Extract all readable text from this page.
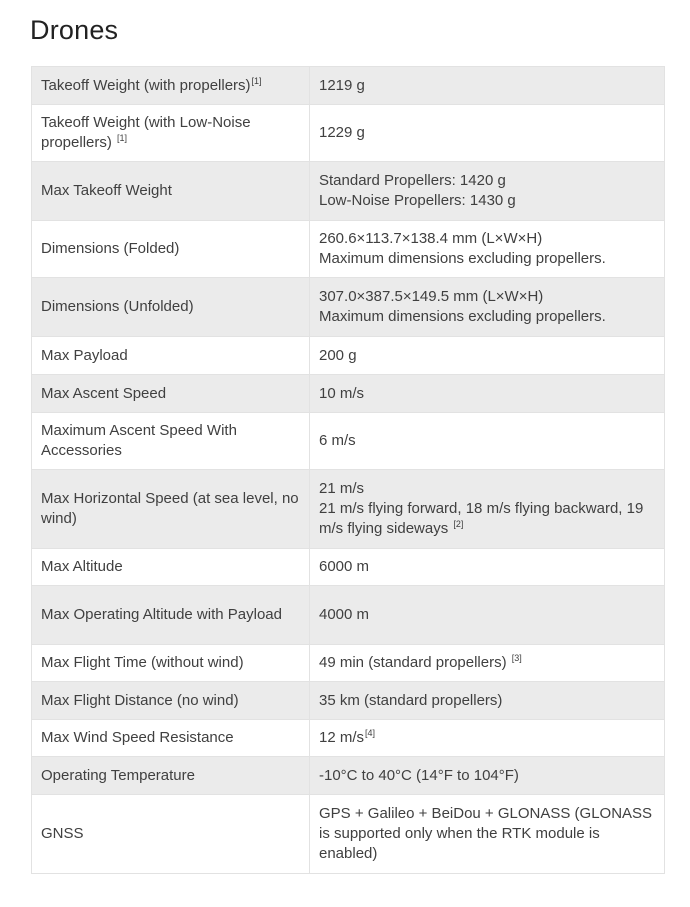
Drones
Takeoff Weight (with propellers)[1]	1219 g

Takeoff Weight (with Low-Noise propellers) [1]	1229 g

Max Takeoff Weight	Standard Propellers: 1420 g
Low-Noise Propellers: 1430 g

Dimensions (Folded)	260.6×113.7×138.4 mm (L×W×H)
Maximum dimensions excluding propellers.

Dimensions (Unfolded)	307.0×387.5×149.5 mm (L×W×H)
Maximum dimensions excluding propellers.

Max Payload	200 g

Max Ascent Speed	10 m/s

Maximum Ascent Speed With Accessories	6 m/s

Max Horizontal Speed (at sea level, no wind)	21 m/s
21 m/s flying forward, 18 m/s flying backward, 19 m/s flying sideways [2]

Max Altitude	6000 m

Max Operating Altitude with Payload	4000 m

Max Flight Time (without wind)	49 min (standard propellers) [3]
Max Flight Distance (no wind)	35 km (standard propellers)

Max Wind Speed Resistance	12 m/s[4]
Operating Temperature	-10°C to 40°C (14°F to 104°F)

GNSS	GPS + Galileo + BeiDou + GLONASS (GLONASS is supported only when the RTK module is enabled)
